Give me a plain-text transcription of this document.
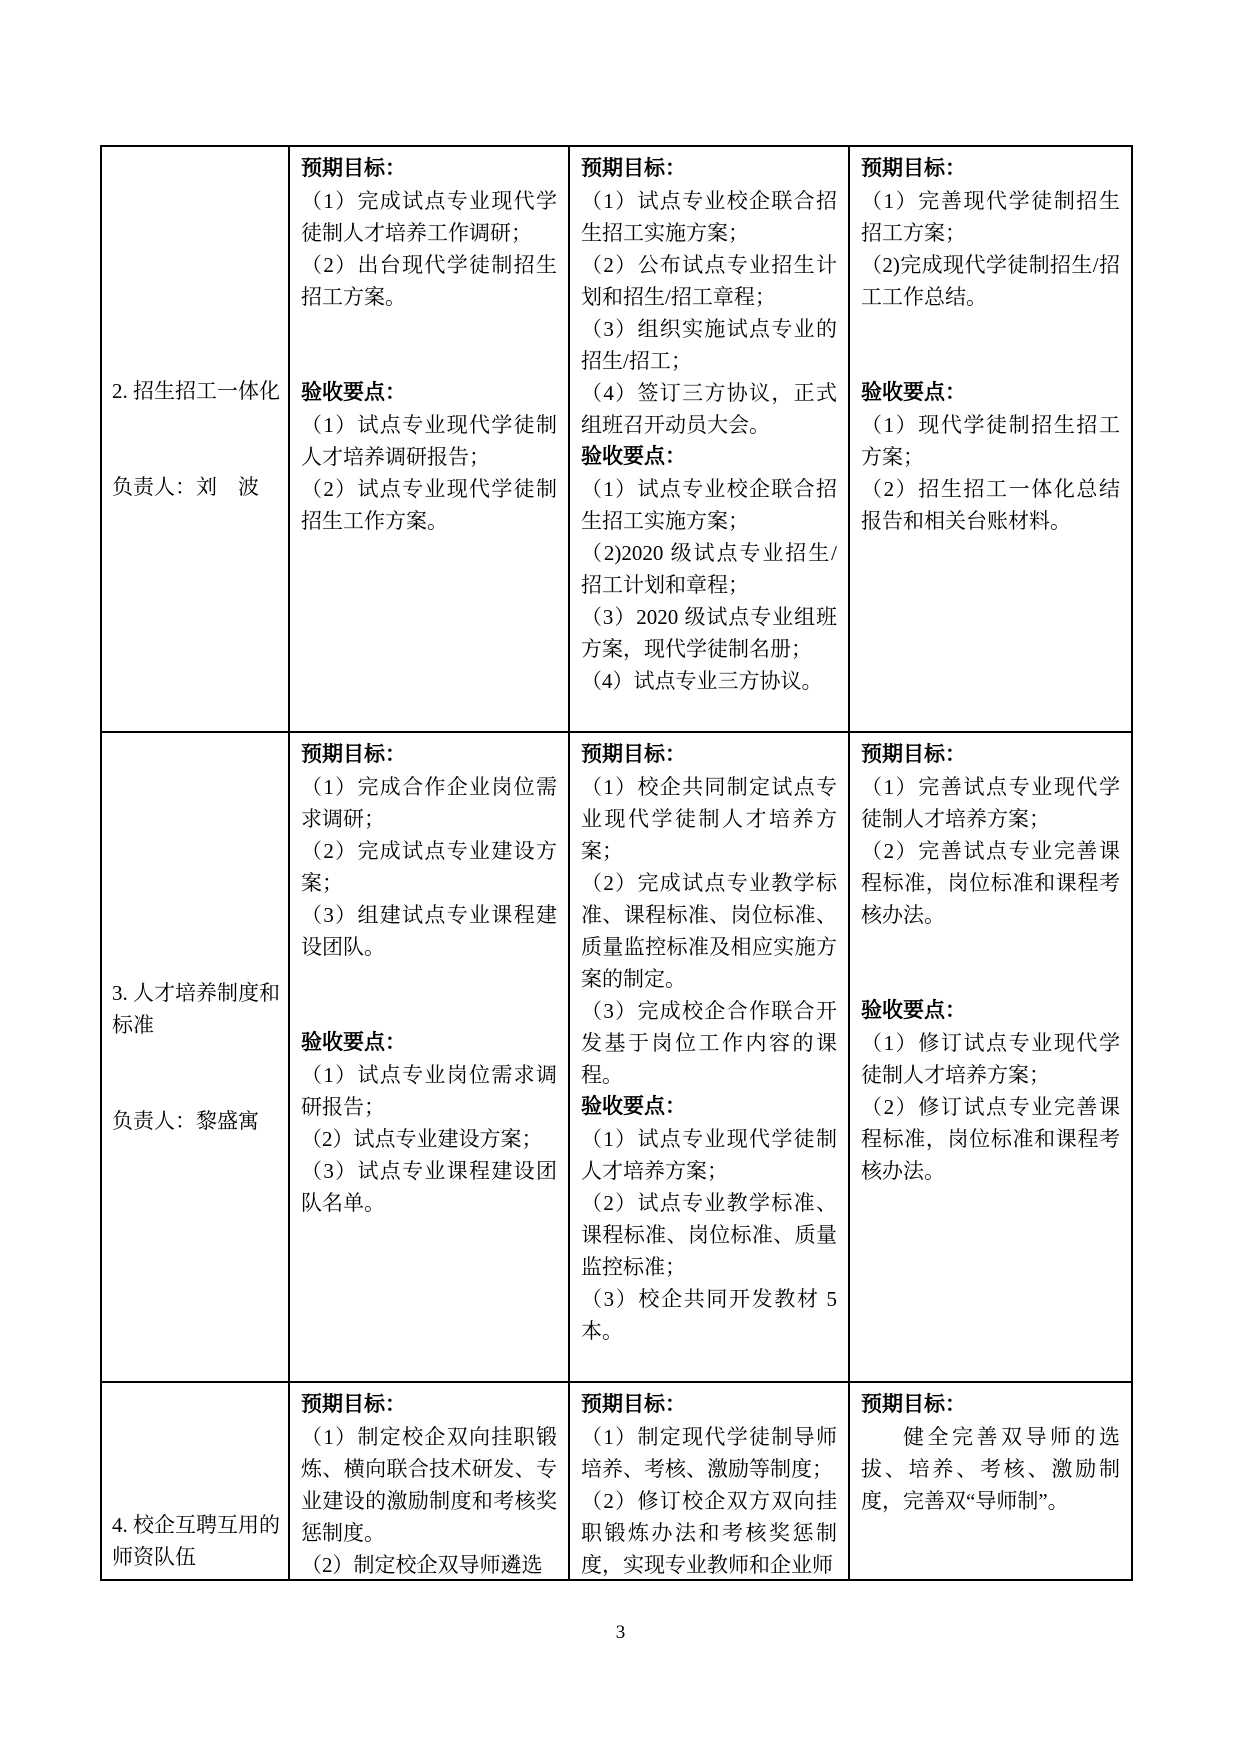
2. 招生招工一体化
负责人：刘　波
预期目标：
（1）完成试点专业现代学徒制人才培养工作调研；
（2）出台现代学徒制招生招工方案。
验收要点：
（1）试点专业现代学徒制人才培养调研报告；
（2）试点专业现代学徒制招生工作方案。
预期目标：
（1）试点专业校企联合招生招工实施方案；
（2）公布试点专业招生计划和招生/招工章程；
（3）组织实施试点专业的招生/招工；
（4）签订三方协议，正式组班召开动员大会。
验收要点：
（1）试点专业校企联合招生招工实施方案；
（2)2020 级试点专业招生/招工计划和章程；
（3）2020 级试点专业组班方案，现代学徒制名册；
（4）试点专业三方协议。
预期目标：
（1）完善现代学徒制招生招工方案；
（2)完成现代学徒制招生/招工工作总结。
验收要点：
（1）现代学徒制招生招工方案；
（2）招生招工一体化总结报告和相关台账材料。
3. 人才培养制度和标准
负责人：黎盛寓
预期目标：
（1）完成合作企业岗位需求调研；
（2）完成试点专业建设方案；
（3）组建试点专业课程建设团队。
验收要点：
（1）试点专业岗位需求调研报告；
（2）试点专业建设方案；
（3）试点专业课程建设团队名单。
预期目标：
（1）校企共同制定试点专业现代学徒制人才培养方案；
（2）完成试点专业教学标准、课程标准、岗位标准、质量监控标准及相应实施方案的制定。
（3）完成校企合作联合开发基于岗位工作内容的课程。
验收要点：
（1）试点专业现代学徒制人才培养方案；
（2）试点专业教学标准、课程标准、岗位标准、质量监控标准；
（3）校企共同开发教材 5 本。
预期目标：
（1）完善试点专业现代学徒制人才培养方案；
（2）完善试点专业完善课程标准，岗位标准和课程考核办法。
验收要点：
（1）修订试点专业现代学徒制人才培养方案；
（2）修订试点专业完善课程标准，岗位标准和课程考核办法。
4. 校企互聘互用的师资队伍
预期目标：
（1）制定校企双向挂职锻炼、横向联合技术研发、专业建设的激励制度和考核奖惩制度。
（2）制定校企双导师遴选
预期目标：
（1）制定现代学徒制导师培养、考核、激励等制度；
（2）修订校企双方双向挂职锻炼办法和考核奖惩制度，实现专业教师和企业师
预期目标：
健全完善双导师的选拔、培养、考核、激励制度，完善双“导师制”。
3
